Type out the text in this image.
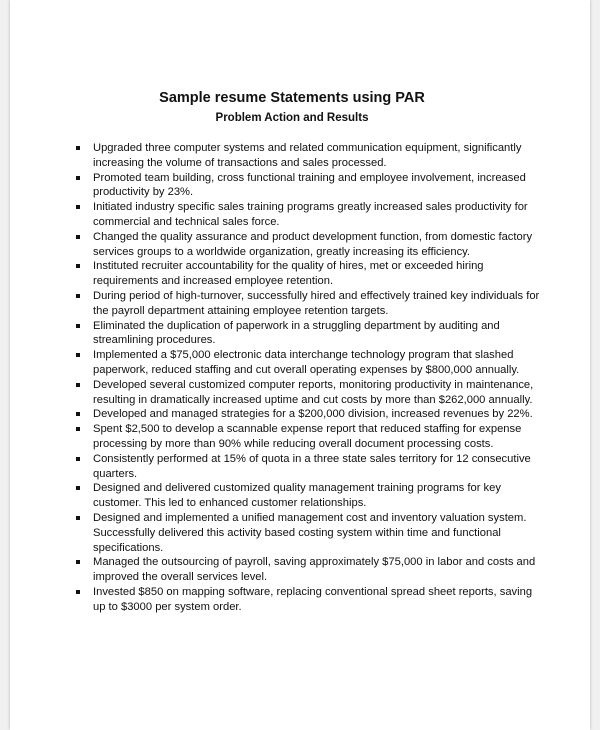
Sample resume Statements using PAR
Problem Action and Results
Upgraded three computer systems and related communication equipment, significantly increasing the volume of transactions and sales processed.
Promoted team building, cross functional training and employee involvement, increased productivity by 23%.
Initiated industry specific sales training programs greatly increased sales productivity for commercial and technical sales force.
Changed the quality assurance and product development function, from domestic factory services groups to a worldwide organization, greatly increasing its efficiency.
Instituted recruiter accountability for the quality of hires, met or exceeded hiring requirements and increased employee retention.
During period of high-turnover, successfully hired and effectively trained key individuals for the payroll department attaining employee retention targets.
Eliminated the duplication of paperwork in a struggling department by auditing and streamlining procedures.
Implemented a $75,000 electronic data interchange technology program that slashed paperwork, reduced staffing and cut overall operating expenses by $800,000 annually.
Developed several customized computer reports, monitoring productivity in maintenance, resulting in dramatically increased uptime and cut costs by more than $262,000 annually.
Developed and managed strategies for a $200,000 division, increased revenues by 22%.
Spent $2,500 to develop a scannable expense report that reduced staffing for expense processing by more than 90% while reducing overall document processing costs.
Consistently performed at 15% of quota in a three state sales territory for 12 consecutive quarters.
Designed and delivered customized quality management training programs for key customer. This led to enhanced customer relationships.
Designed and implemented a unified management cost and inventory valuation system. Successfully delivered this activity based costing system within time and functional specifications.
Managed the outsourcing of payroll, saving approximately $75,000 in labor and costs and improved the overall services level.
Invested $850 on mapping software, replacing conventional spread sheet reports, saving up to $3000 per system order.
